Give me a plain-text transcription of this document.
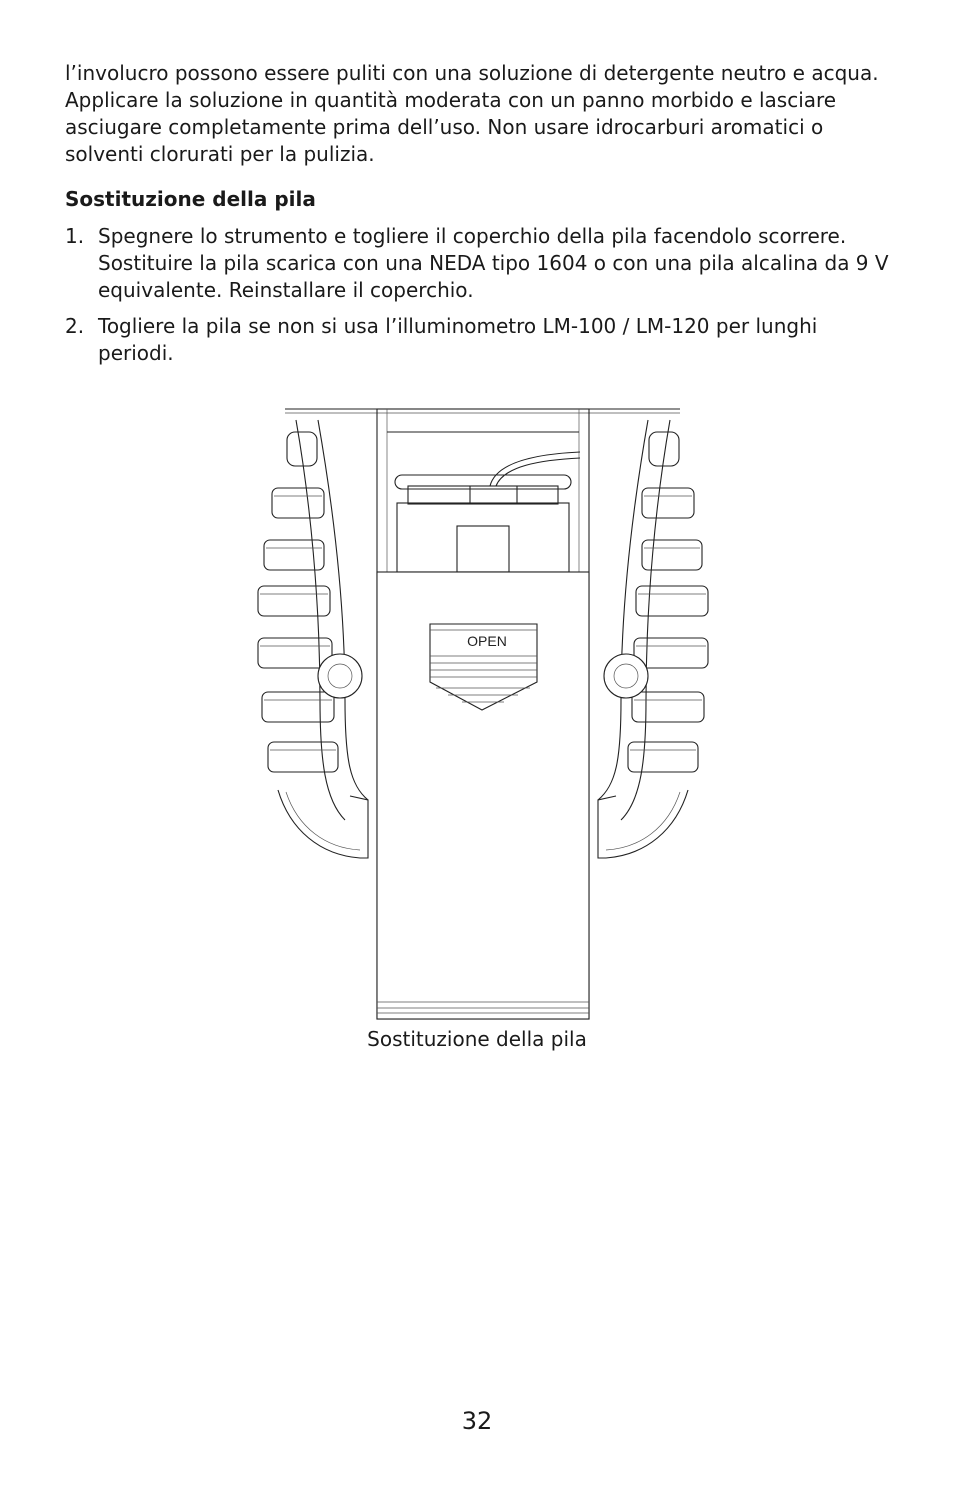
l’involucro possono essere puliti con una soluzione di detergente neutro e acqua. Applicare la soluzione in quantità moderata con un panno morbido e lasciare asciugare completamente prima dell’uso. Non usare idrocarburi aromatici o solventi clorurati per la pulizia.

Sostituzione della pila

1. Spegnere lo strumento e togliere il coperchio della pila facendolo scorrere. Sostituire la pila scarica con una NEDA tipo 1604 o con una pila alcalina da 9 V equivalente. Reinstallare il coperchio.
2. Togliere la pila se non si usa l’illuminometro LM-100 / LM-120 per lunghi periodi.
OPEN
Sostituzione della pila
32
